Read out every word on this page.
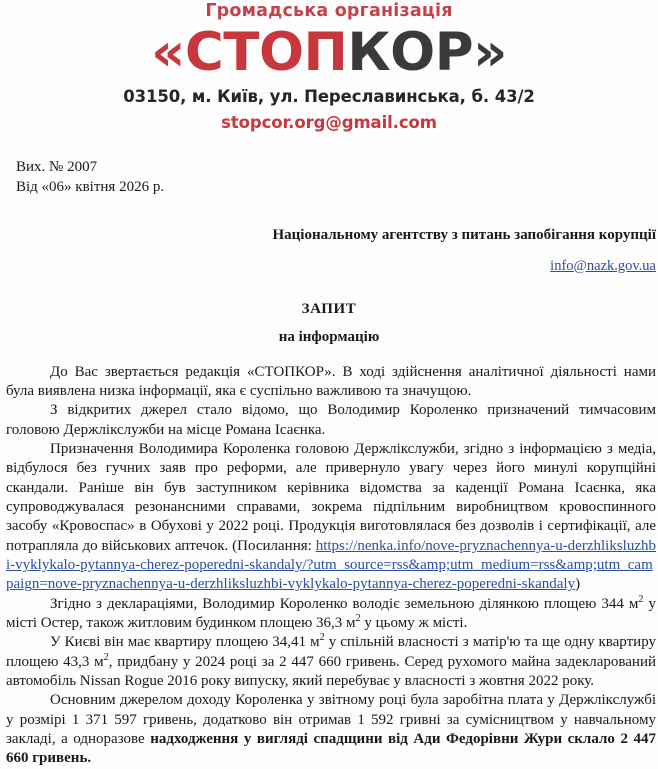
Громадська організація
«СТОПКОР»
03150, м. Київ, ул. Переславинська, б. 43/2
stopcor.org@gmail.com
Вих. № 2007
Від «06» квітня 2026 р.
Національному агентству з питань запобігання корупції
info@nazk.gov.ua
ЗАПИТ
на інформацію

До Вас звертається редакція «СТОПКОР». В ході здійснення аналітичної діяльності нами була виявлена низка інформації, яка є суспільно важливою та значущою.

З відкритих джерел стало відомо, що Володимир Короленко призначений тимчасовим головою Держлікслужби на місце Романа Ісаєнка.

Призначення Володимира Короленка головою Держлікслужби, згідно з інформацією з медіа, відбулося без гучних заяв про реформи, але привернуло увагу через його минулі корупційні скандали. Раніше він був заступником керівника відомства за каденції Романа Ісаєнка, яка супроводжувалася резонансними справами, зокрема підпільним виробництвом кровоспинного засобу «Кровоспас» в Обухові у 2022 році. Продукція виготовлялася без дозволів і сертифікації, але потрапляла до військових аптечок. (Посилання: https://nenka.info/nove-pryznachennya-u-derzhliksluzhbi-vyklykalo-pytannya-cherez-poperedni-skandaly/?utm_source=rss&amp;utm_medium=rss&amp;utm_campaign=nove-pryznachennya-u-derzhliksluzhbi-vyklykalo-pytannya-cherez-poperedni-skandaly)

Згідно з деклараціями, Володимир Короленко володіє земельною ділянкою площею 344 $м^2$ у місті Остер, також житловим будинком площею 36,3 $м^2$ у цьому ж місті.

У Києві він має квартиру площею 34,41 $м^2$ у спільній власності з матір'ю та ще одну квартиру площею 43,3 $м^2$, придбану у 2024 році за 2 447 660 гривень. Серед рухомого майна задекларований автомобіль Nissan Rogue 2016 року випуску, який перебуває у власності з жовтня 2022 року.

Основним джерелом доходу Короленка у звітному році була заробітна плата у Держлікслужбі у розмірі 1 371 597 гривень, додатково він отримав 1 592 гривні за сумісництвом у навчальному закладі, а одноразове надходження у вигляді спадщини від Ади Федорівни Жури склало 2 447 660 гривень.
